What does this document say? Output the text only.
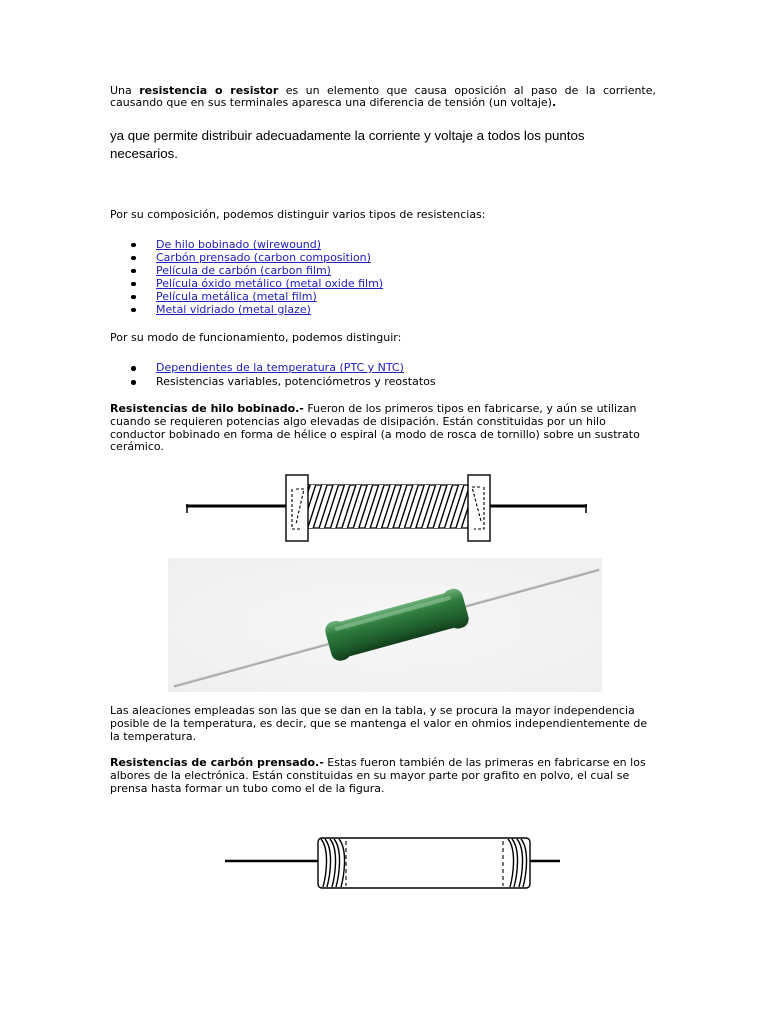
Una resistencia o resistor es un elemento que causa oposición al paso de la corriente, causando que en sus terminales aparesca una diferencia de tensión (un voltaje).

ya que permite distribuir adecuadamente la corriente y voltaje a todos los puntos necesarios.

Por su composición, podemos distinguir varios tipos de resistencias:

De hilo bobinado (wirewound)
Carbón prensado (carbon composition)
Película de carbón (carbon film)
Película óxido metálico (metal oxide film)
Película metálica (metal film)
Metal vidriado (metal glaze)

Por su modo de funcionamiento, podemos distinguir:

Dependientes de la temperatura (PTC y NTC)
Resistencias variables, potenciómetros y reostatos

Resistencias de hilo bobinado.- Fueron de los primeros tipos en fabricarse, y aún se utilizan cuando se requieren potencias algo elevadas de disipación. Están constituidas por un hilo conductor bobinado en forma de hélice o espiral (a modo de rosca de tornillo) sobre un sustrato cerámico.

Las aleaciones empleadas son las que se dan en la tabla, y se procura la mayor independencia posible de la temperatura, es decir, que se mantenga el valor en ohmios independientemente de la temperatura.

Resistencias de carbón prensado.- Estas fueron también de las primeras en fabricarse en los albores de la electrónica. Están constituidas en su mayor parte por grafito en polvo, el cual se prensa hasta formar un tubo como el de la figura.
